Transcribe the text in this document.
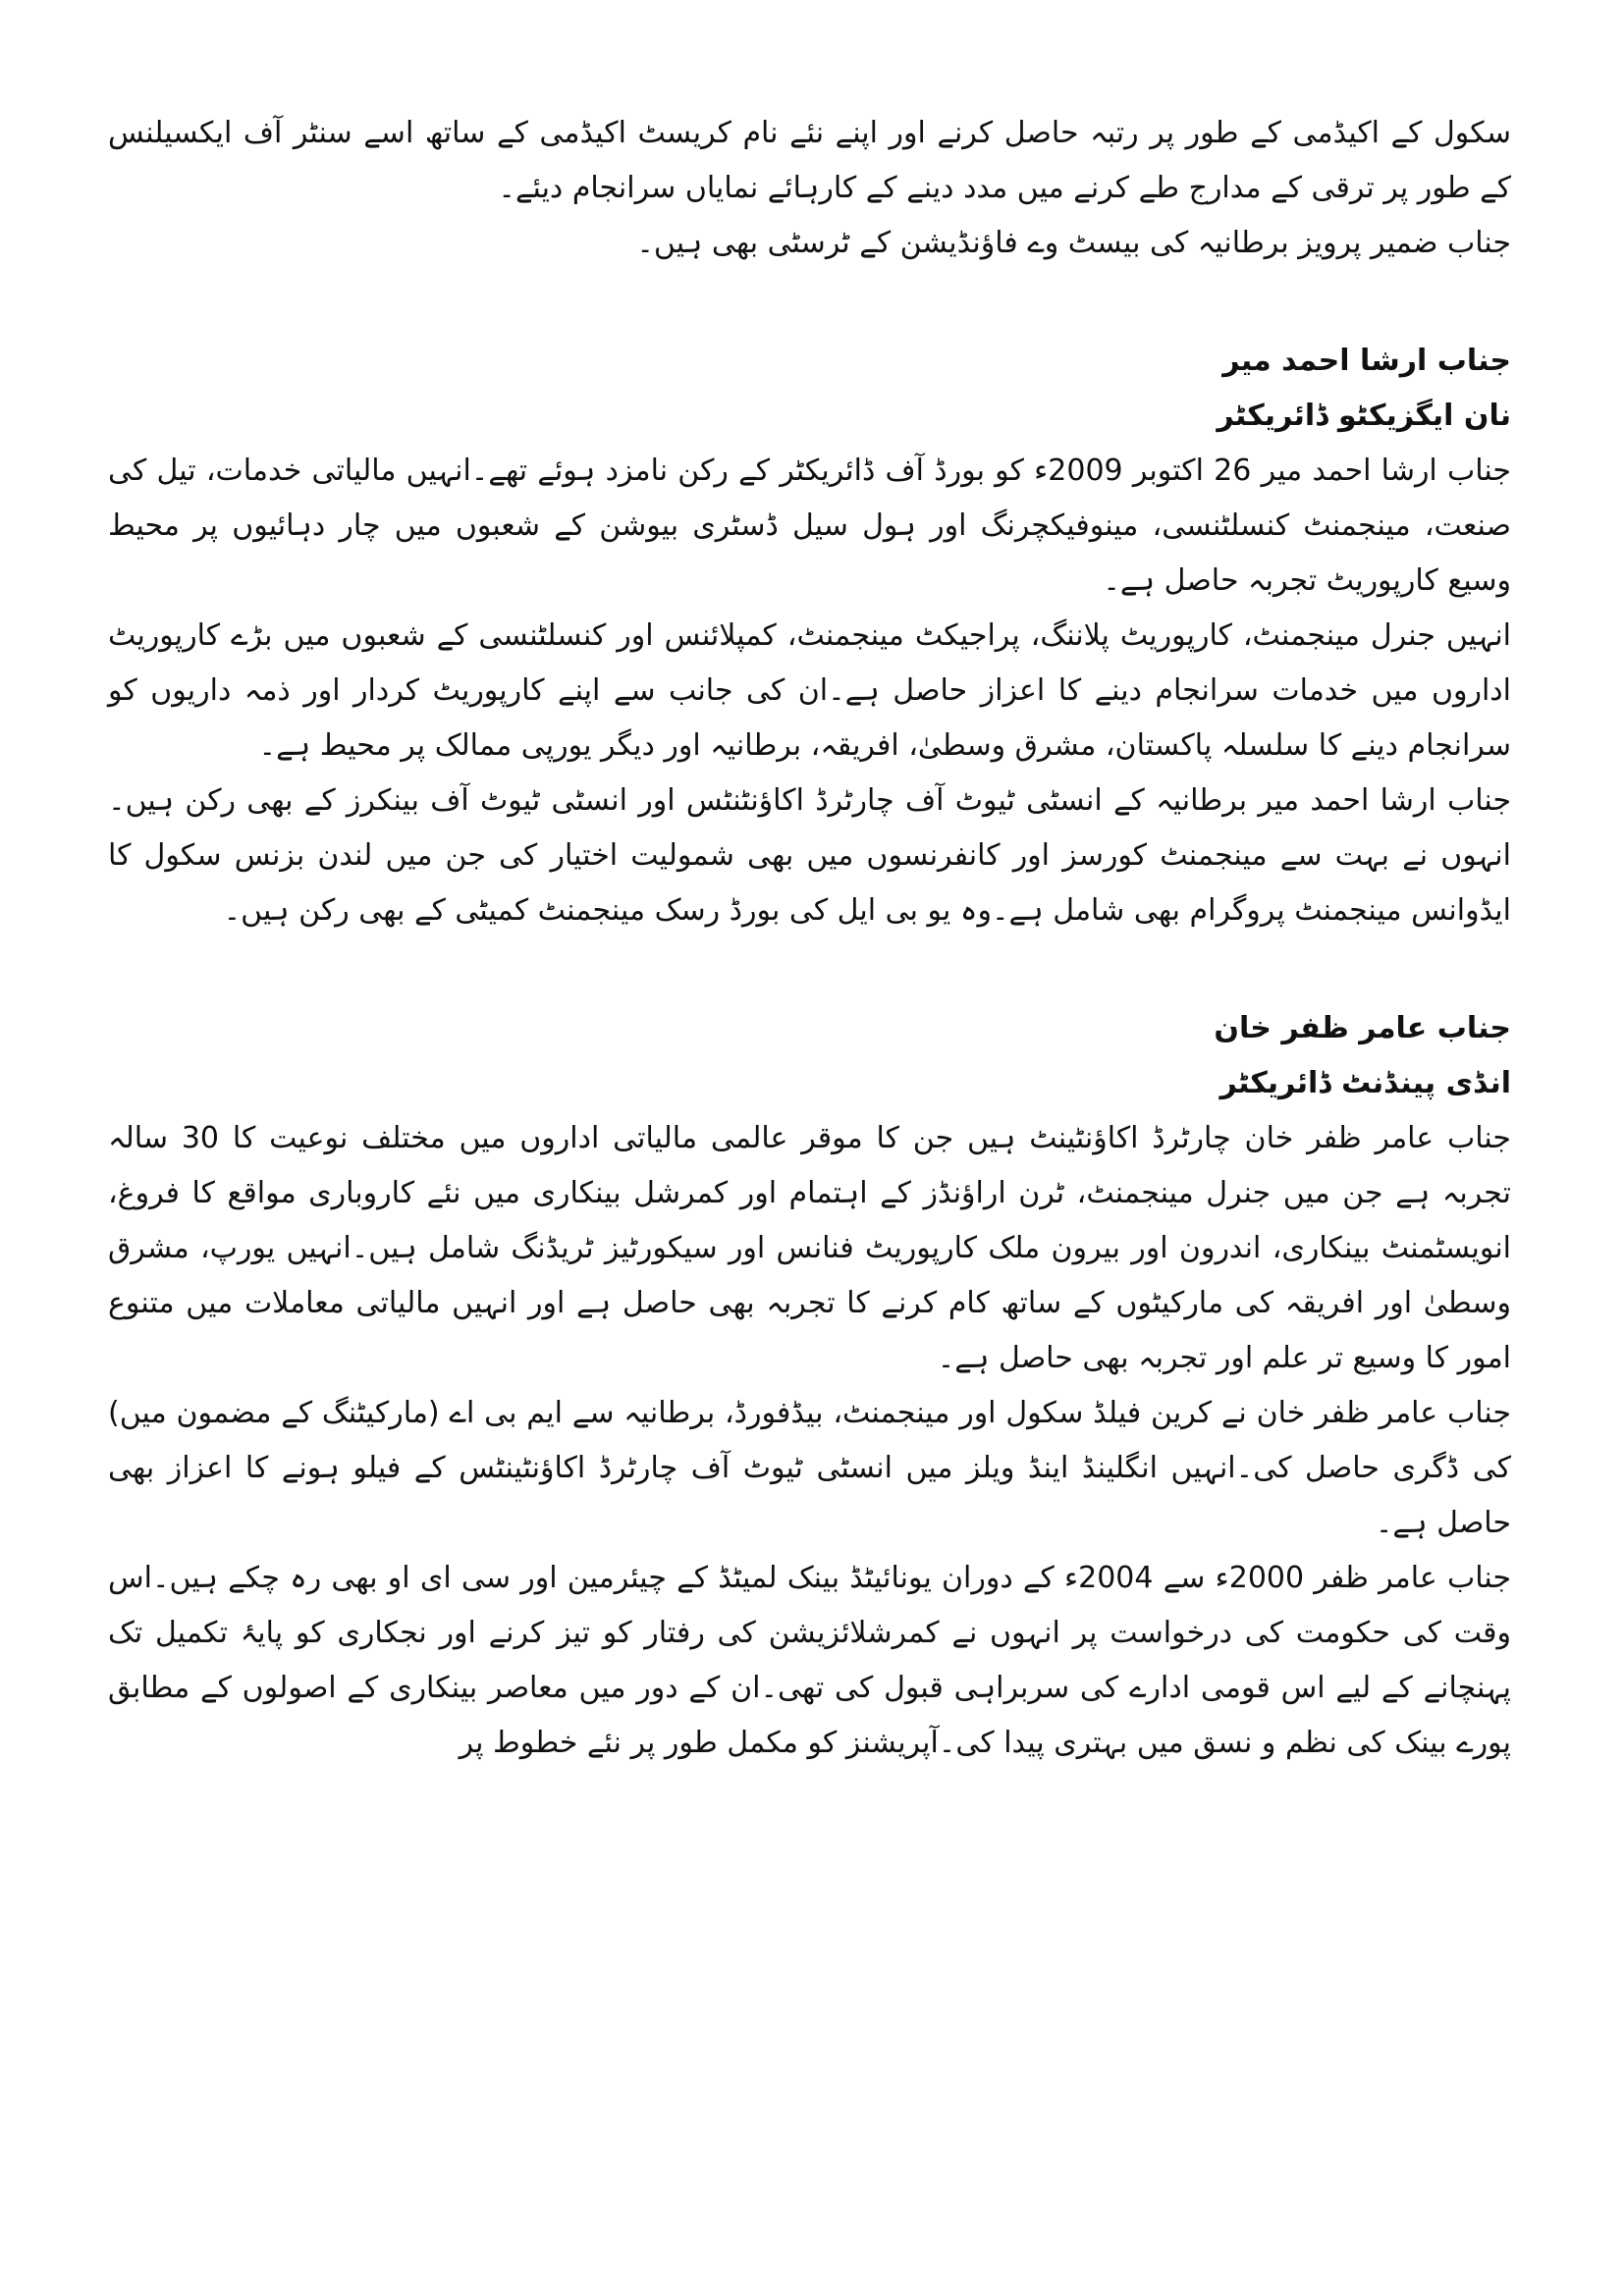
سکول کے اکیڈمی کے طور پر رتبہ حاصل کرنے اور اپنے نئے نام کریسٹ اکیڈمی کے ساتھ اسے سنٹر آف ایکسیلنس کے طور پر ترقی کے مدارج طے کرنے میں مدد دینے کے کارہائے نمایاں سرانجام دیئے۔

جناب ضمیر پرویز برطانیہ کی بیسٹ وے فاؤنڈیشن کے ٹرسٹی بھی ہیں۔

جناب ارشا احمد میر

نان ایگزیکٹو ڈائریکٹر

جناب ارشا احمد میر 26 اکتوبر 2009ء کو بورڈ آف ڈائریکٹر کے رکن نامزد ہوئے تھے۔انہیں مالیاتی خدمات، تیل کی صنعت، مینجمنٹ کنسلٹنسی، مینوفیکچرنگ اور ہول سیل ڈسٹری بیوشن کے شعبوں میں چار دہائیوں پر محیط وسیع کارپوریٹ تجربہ حاصل ہے۔

انہیں جنرل مینجمنٹ، کارپوریٹ پلاننگ، پراجیکٹ مینجمنٹ، کمپلائنس اور کنسلٹنسی کے شعبوں میں بڑے کارپوریٹ اداروں میں خدمات سرانجام دینے کا اعزاز حاصل ہے۔ان کی جانب سے اپنے کارپوریٹ کردار اور ذمہ داریوں کو سرانجام دینے کا سلسلہ پاکستان، مشرق وسطیٰ، افریقہ، برطانیہ اور دیگر یورپی ممالک پر محیط ہے۔

جناب ارشا احمد میر برطانیہ کے انسٹی ٹیوٹ آف چارٹرڈ اکاؤنٹنٹس اور انسٹی ٹیوٹ آف بینکرز کے بھی رکن ہیں۔انہوں نے بہت سے مینجمنٹ کورسز اور کانفرنسوں میں بھی شمولیت اختیار کی جن میں لندن بزنس سکول کا ایڈوانس مینجمنٹ پروگرام بھی شامل ہے۔وہ یو بی ایل کی بورڈ رسک مینجمنٹ کمیٹی کے بھی رکن ہیں۔

جناب عامر ظفر خان

انڈی پینڈنٹ ڈائریکٹر

جناب عامر ظفر خان چارٹرڈ اکاؤنٹینٹ ہیں جن کا موقر عالمی مالیاتی اداروں میں مختلف نوعیت کا 30 سالہ تجربہ ہے جن میں جنرل مینجمنٹ، ٹرن اراؤنڈز کے اہتمام اور کمرشل بینکاری میں نئے کاروباری مواقع کا فروغ، انویسٹمنٹ بینکاری، اندرون اور بیرون ملک کارپوریٹ فنانس اور سیکورٹیز ٹریڈنگ شامل ہیں۔انہیں یورپ، مشرق وسطیٰ اور افریقہ کی مارکیٹوں کے ساتھ کام کرنے کا تجربہ بھی حاصل ہے اور انہیں مالیاتی معاملات میں متنوع امور کا وسیع تر علم اور تجربہ بھی حاصل ہے۔

جناب عامر ظفر خان نے کرین فیلڈ سکول اور مینجمنٹ، بیڈفورڈ، برطانیہ سے ایم بی اے (مارکیٹنگ کے مضمون میں) کی ڈگری حاصل کی۔انہیں انگلینڈ اینڈ ویلز میں انسٹی ٹیوٹ آف چارٹرڈ اکاؤنٹینٹس کے فیلو ہونے کا اعزاز بھی حاصل ہے۔

جناب عامر ظفر 2000ء سے 2004ء کے دوران یونائیٹڈ بینک لمیٹڈ کے چیئرمین اور سی ای او بھی رہ چکے ہیں۔اس وقت کی حکومت کی درخواست پر انہوں نے کمرشلائزیشن کی رفتار کو تیز کرنے اور نجکاری کو پایۂ تکمیل تک پہنچانے کے لیے اس قومی ادارے کی سربراہی قبول کی تھی۔ان کے دور میں معاصر بینکاری کے اصولوں کے مطابق پورے بینک کی نظم و نسق میں بہتری پیدا کی۔آپریشنز کو مکمل طور پر نئے خطوط پر
